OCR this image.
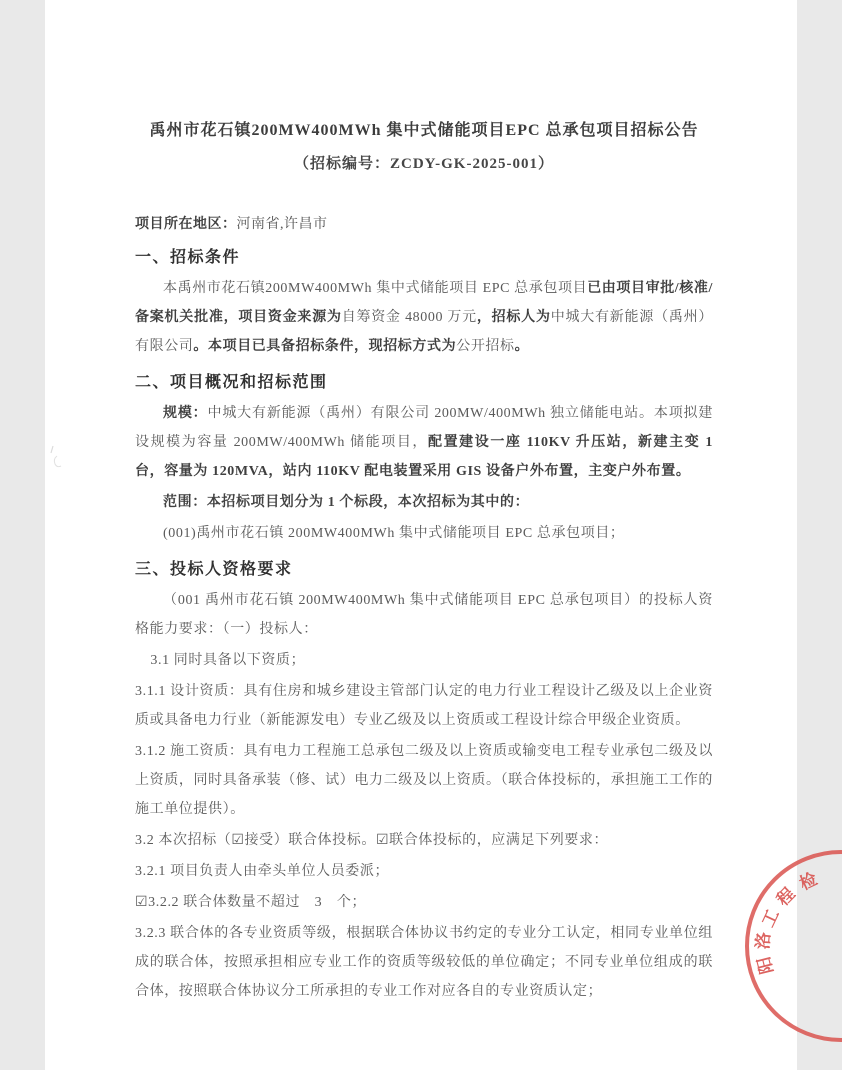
禹州市花石镇200MW400MWh 集中式储能项目EPC 总承包项目招标公告
（招标编号：ZCDY-GK-2025-001）
项目所在地区：河南省,许昌市
一、招标条件

本禹州市花石镇200MW400MWh 集中式储能项目 EPC 总承包项目已由项目审批/核准/备案机关批准，项目资金来源为自筹资金 48000 万元，招标人为中城大有新能源（禹州）有限公司。本项目已具备招标条件，现招标方式为公开招标。

二、项目概况和招标范围

规模：中城大有新能源（禹州）有限公司 200MW/400MWh 独立储能电站。本项拟建设规模为容量 200MW/400MWh 储能项目，配置建设一座 110KV 升压站，新建主变 1 台，容量为 120MVA，站内 110KV 配电装置采用 GIS 设备户外布置，主变户外布置。

范围：本招标项目划分为 1 个标段，本次招标为其中的：

(001)禹州市花石镇 200MW400MWh 集中式储能项目 EPC 总承包项目；

三、投标人资格要求

（001 禹州市花石镇 200MW400MWh 集中式储能项目 EPC 总承包项目）的投标人资格能力要求：（一）投标人：

3.1 同时具备以下资质；

3.1.1 设计资质：具有住房和城乡建设主管部门认定的电力行业工程设计乙级及以上企业资质或具备电力行业（新能源发电）专业乙级及以上资质或工程设计综合甲级企业资质。

3.1.2 施工资质：具有电力工程施工总承包二级及以上资质或输变电工程专业承包二级及以上资质，同时具备承装（修、试）电力二级及以上资质。（联合体投标的，承担施工工作的施工单位提供）。

3.2 本次招标（☑接受）联合体投标。☑联合体投标的，应满足下列要求：

3.2.1 项目负责人由牵头单位人员委派；

☑3.2.2 联合体数量不超过　3　个；

3.2.3 联合体的各专业资质等级，根据联合体协议书约定的专业分工认定，相同专业单位组成的联合体，按照承担相应专业工作的资质等级较低的单位确定；不同专业单位组成的联合体，按照联合体协议分工所承担的专业工作对应各自的专业资质认定；

检
程
工
洛
阳
